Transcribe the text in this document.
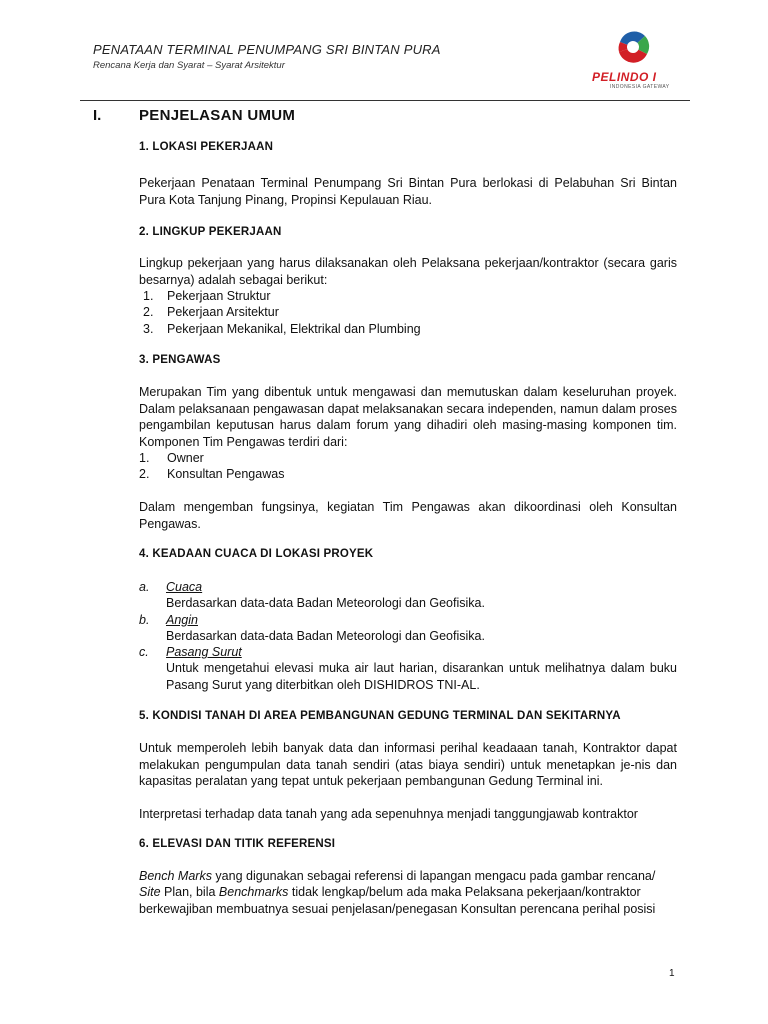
PENATAAN TERMINAL PENUMPANG SRI BINTAN PURA
Rencana Kerja dan Syarat – Syarat Arsitektur
PELINDO I
INDONESIA GATEWAY
I.	PENJELASAN UMUM
1. LOKASI PEKERJAAN
Pekerjaan Penataan Terminal Penumpang Sri Bintan Pura berlokasi di Pelabuhan Sri Bintan Pura Kota Tanjung Pinang, Propinsi Kepulauan Riau.
2. LINGKUP PEKERJAAN
Lingkup pekerjaan yang harus dilaksanakan oleh Pelaksana pekerjaan/kontraktor (secara garis besarnya) adalah sebagai berikut:
1. Pekerjaan Struktur
2. Pekerjaan Arsitektur
3. Pekerjaan Mekanikal, Elektrikal dan Plumbing
3. PENGAWAS
Merupakan Tim yang dibentuk untuk mengawasi dan memutuskan dalam keseluruhan proyek. Dalam pelaksanaan pengawasan dapat melaksanakan secara independen, namun dalam proses pengambilan keputusan harus dalam forum yang dihadiri oleh masing-masing komponen tim. Komponen Tim Pengawas terdiri dari:
1. Owner
2. Konsultan Pengawas
Dalam mengemban fungsinya, kegiatan Tim Pengawas akan dikoordinasi oleh Konsultan Pengawas.
4. KEADAAN CUACA DI LOKASI PROYEK
a. Cuaca
Berdasarkan data-data Badan Meteorologi dan Geofisika.
b. Angin
Berdasarkan data-data Badan Meteorologi dan Geofisika.
c. Pasang Surut
Untuk mengetahui elevasi muka air laut harian, disarankan untuk melihatnya dalam buku Pasang Surut yang diterbitkan oleh DISHIDROS TNI-AL.
5. KONDISI TANAH DI AREA PEMBANGUNAN GEDUNG TERMINAL DAN SEKITARNYA
Untuk memperoleh lebih banyak data dan informasi perihal keadaaan tanah, Kontraktor dapat melakukan pengumpulan data tanah sendiri (atas biaya sendiri) untuk menetapkan je-nis dan kapasitas peralatan yang tepat untuk pekerjaan pembangunan Gedung Terminal ini.
Interpretasi terhadap data tanah yang ada sepenuhnya menjadi tanggungjawab kontraktor
6. ELEVASI DAN TITIK REFERENSI
Bench Marks yang digunakan sebagai referensi di lapangan mengacu pada gambar rencana/
Site Plan, bila Benchmarks tidak lengkap/belum ada maka Pelaksana pekerjaan/kontraktor
berkewajiban membuatnya sesuai penjelasan/penegasan Konsultan perencana perihal posisi
1
